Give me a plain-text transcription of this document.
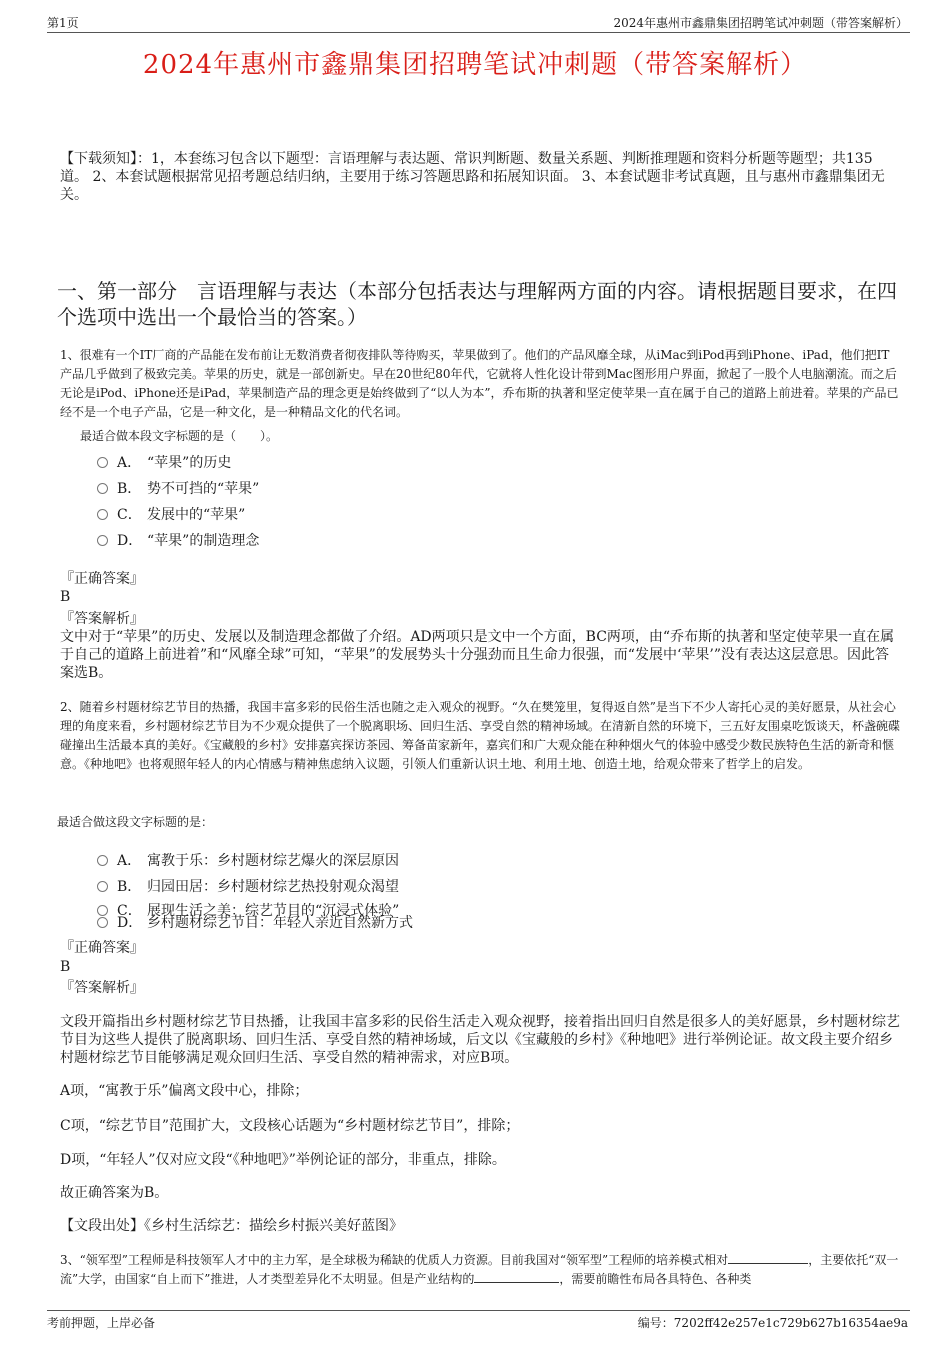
第1页	2024年惠州市鑫鼎集团招聘笔试冲刺题（带答案解析）
2024年惠州市鑫鼎集团招聘笔试冲刺题（带答案解析）
【下载须知】：1，本套练习包含以下题型：言语理解与表达题、常识判断题、数量关系题、判断推理题和资料分析题等题型；共135道。 2、本套试题根据常见招考题总结归纳，主要用于练习答题思路和拓展知识面。 3、本套试题非考试真题，且与惠州市鑫鼎集团无关。
一、第一部分　言语理解与表达（本部分包括表达与理解两方面的内容。请根据题目要求，在四个选项中选出一个最恰当的答案。）
1、很难有一个IT厂商的产品能在发布前让无数消费者彻夜排队等待购买，苹果做到了。他们的产品风靡全球，从iMac到iPod再到iPhone、iPad，他们把IT产品几乎做到了极致完美。苹果的历史，就是一部创新史。早在20世纪80年代，它就将人性化设计带到Mac图形用户界面，掀起了一股个人电脑潮流。而之后无论是iPod、iPhone还是iPad，苹果制造产品的理念更是始终做到了“以人为本”，乔布斯的执著和坚定使苹果一直在属于自己的道路上前进着。苹果的产品已经不是一个电子产品，它是一种文化，是一种精品文化的代名词。
最适合做本段文字标题的是（　　）。
A． “苹果”的历史
B． 势不可挡的“苹果”
C． 发展中的“苹果”
D． “苹果”的制造理念
『正确答案』
B
『答案解析』
文中对于“苹果”的历史、发展以及制造理念都做了介绍。AD两项只是文中一个方面，BC两项，由“乔布斯的执著和坚定使苹果一直在属于自己的道路上前进着”和“风靡全球”可知，“苹果”的发展势头十分强劲而且生命力很强，而“发展中‘苹果’”没有表达这层意思。因此答案选B。
2、随着乡村题材综艺节目的热播，我国丰富多彩的民俗生活也随之走入观众的视野。“久在樊笼里，复得返自然”是当下不少人寄托心灵的美好愿景，从社会心理的角度来看，乡村题材综艺节目为不少观众提供了一个脱离职场、回归生活、享受自然的精神场域。在清新自然的环境下，三五好友围桌吃饭谈天，杯盏碗碟碰撞出生活最本真的美好。《宝藏般的乡村》安排嘉宾探访茶园、筹备苗家新年，嘉宾们和广大观众能在种种烟火气的体验中感受少数民族特色生活的新奇和惬意。《种地吧》也将观照年轻人的内心情感与精神焦虑纳入议题，引领人们重新认识土地、利用土地、创造土地，给观众带来了哲学上的启发。
最适合做这段文字标题的是：
A． 寓教于乐：乡村题材综艺爆火的深层原因
B． 归园田居：乡村题材综艺热投射观众渴望
C． 展现生活之美：综艺节目的“沉浸式体验”
D． 乡村题材综艺节目：年轻人亲近自然新方式
『正确答案』
B
『答案解析』
文段开篇指出乡村题材综艺节目热播，让我国丰富多彩的民俗生活走入观众视野，接着指出回归自然是很多人的美好愿景，乡村题材综艺节目为这些人提供了脱离职场、回归生活、享受自然的精神场域，后文以《宝藏般的乡村》《种地吧》进行举例论证。故文段主要介绍乡村题材综艺节目能够满足观众回归生活、享受自然的精神需求，对应B项。
A项，“寓教于乐”偏离文段中心，排除；
C项，“综艺节目”范围扩大，文段核心话题为“乡村题材综艺节目”，排除；
D项，“年轻人”仅对应文段“《种地吧》”举例论证的部分，非重点，排除。
故正确答案为B。
【文段出处】《乡村生活综艺：描绘乡村振兴美好蓝图》
3、“领军型”工程师是科技领军人才中的主力军，是全球极为稀缺的优质人力资源。目前我国对“领军型”工程师的培养模式相对	，主要依托“双一流”大学，由国家“自上而下”推进，人才类型差异化不太明显。但是产业结构的	，需要前瞻性布局各具特色、各种类
考前押题，上岸必备	编号：7202ff42e257e1c729b627b16354ae9a
